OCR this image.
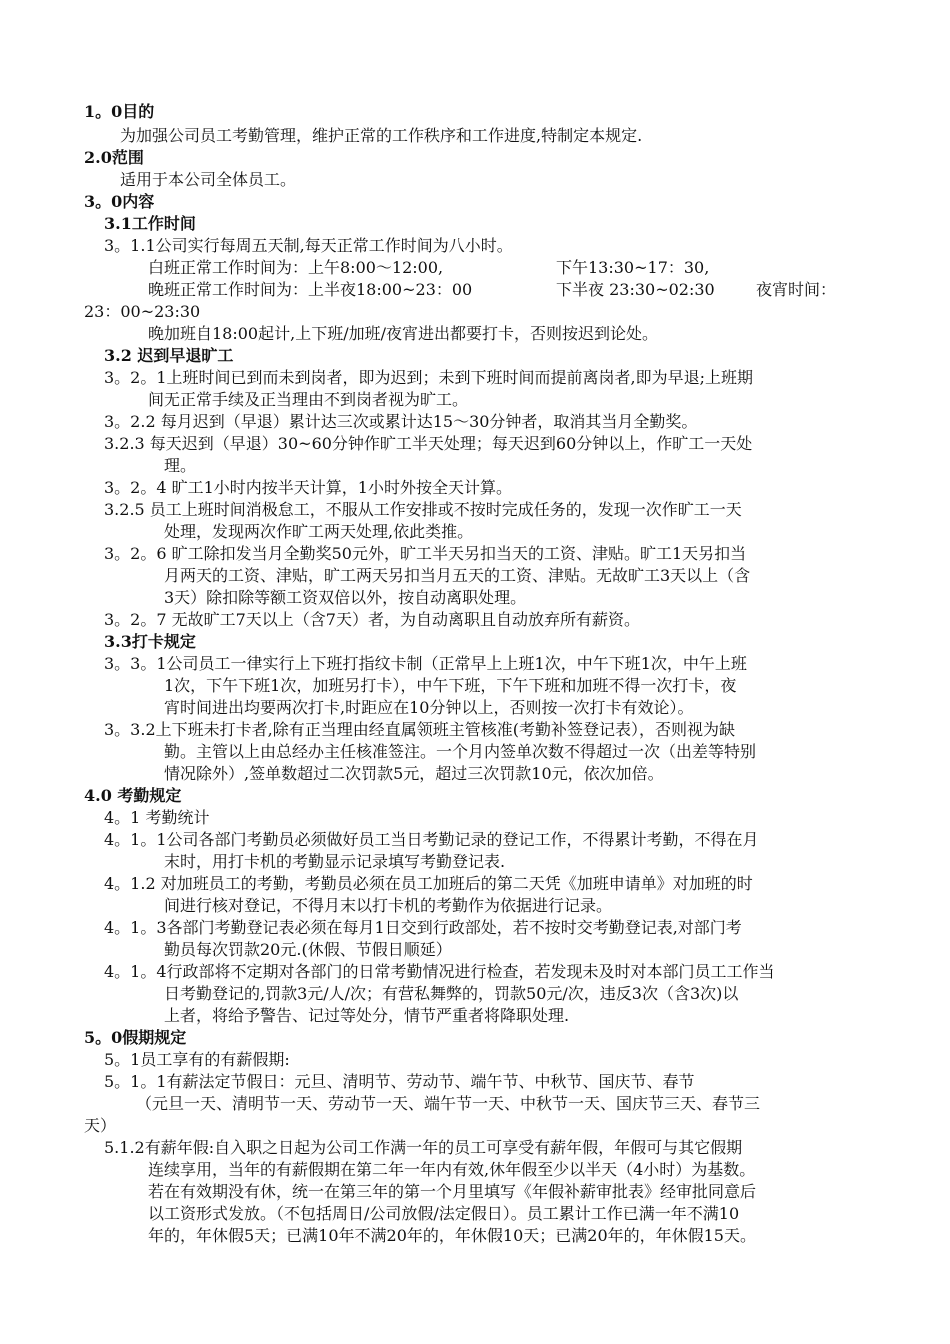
1。0目的
为加强公司员工考勤管理，维护正常的工作秩序和工作进度,特制定本规定.
2.0范围
适用于本公司全体员工。
3。0内容
3.1工作时间
3。1.1公司实行每周五天制,每天正常工作时间为八小时。
白班正常工作时间为：上午8:00～12:00,	下午13:30~17：30,
晚班正常工作时间为：上半夜18:00~23：00	下半夜 23:30~02:30	夜宵时间：
23：00~23:30
晚加班自18:00起计,上下班/加班/夜宵进出都要打卡，否则按迟到论处。
3.2 迟到早退旷工
3。2。1上班时间已到而未到岗者，即为迟到；未到下班时间而提前离岗者,即为早退;上班期
间无正常手续及正当理由不到岗者视为旷工。
3。2.2 每月迟到（早退）累计达三次或累计达15～30分钟者，取消其当月全勤奖。
3.2.3 每天迟到（早退）30~60分钟作旷工半天处理；每天迟到60分钟以上，作旷工一天处
理。
3。2。4 旷工1小时内按半天计算，1小时外按全天计算。
3.2.5 员工上班时间消极怠工，不服从工作安排或不按时完成任务的，发现一次作旷工一天
处理，发现两次作旷工两天处理,依此类推。
3。2。6 旷工除扣发当月全勤奖50元外，旷工半天另扣当天的工资、津贴。旷工1天另扣当
月两天的工资、津贴，旷工两天另扣当月五天的工资、津贴。无故旷工3天以上（含
3天）除扣除等额工资双倍以外，按自动离职处理。
3。2。7 无故旷工7天以上（含7天）者，为自动离职且自动放弃所有薪资。
3.3打卡规定
3。3。1公司员工一律实行上下班打指纹卡制（正常早上上班1次，中午下班1次，中午上班
1次，下午下班1次，加班另打卡），中午下班，下午下班和加班不得一次打卡，夜
宵时间进出均要两次打卡,时距应在10分钟以上，否则按一次打卡有效论）。
3。3.2上下班未打卡者,除有正当理由经直属领班主管核准(考勤补签登记表），否则视为缺
勤。主管以上由总经办主任核准签注。一个月内签单次数不得超过一次（出差等特别
情况除外）,签单数超过二次罚款5元，超过三次罚款10元，依次加倍。
4.0 考勤规定
4。1 考勤统计
4。1。1公司各部门考勤员必须做好员工当日考勤记录的登记工作，不得累计考勤，不得在月
末时，用打卡机的考勤显示记录填写考勤登记表.
4。1.2 对加班员工的考勤，考勤员必须在员工加班后的第二天凭《加班申请单》对加班的时
间进行核对登记，不得月末以打卡机的考勤作为依据进行记录。
4。1。3各部门考勤登记表必须在每月1日交到行政部处，若不按时交考勤登记表,对部门考
勤员每次罚款20元.(休假、节假日顺延）
4。1。4行政部将不定期对各部门的日常考勤情况进行检查，若发现未及时对本部门员工工作当
日考勤登记的,罚款3元/人/次；有营私舞弊的，罚款50元/次，违反3次（含3次)以
上者，将给予警告、记过等处分，情节严重者将降职处理.
5。0假期规定
5。1员工享有的有薪假期:
5。1。1有薪法定节假日：元旦、清明节、劳动节、端午节、中秋节、国庆节、春节
（元旦一天、清明节一天、劳动节一天、端午节一天、中秋节一天、国庆节三天、春节三
天）
5.1.2有薪年假:自入职之日起为公司工作满一年的员工可享受有薪年假，年假可与其它假期
连续享用，当年的有薪假期在第二年一年内有效,休年假至少以半天（4小时）为基数。
若在有效期没有休，统一在第三年的第一个月里填写《年假补薪审批表》经审批同意后
以工资形式发放。（不包括周日/公司放假/法定假日）。员工累计工作已满一年不满10
年的，年休假5天；已满10年不满20年的，年休假10天；已满20年的，年休假15天。
